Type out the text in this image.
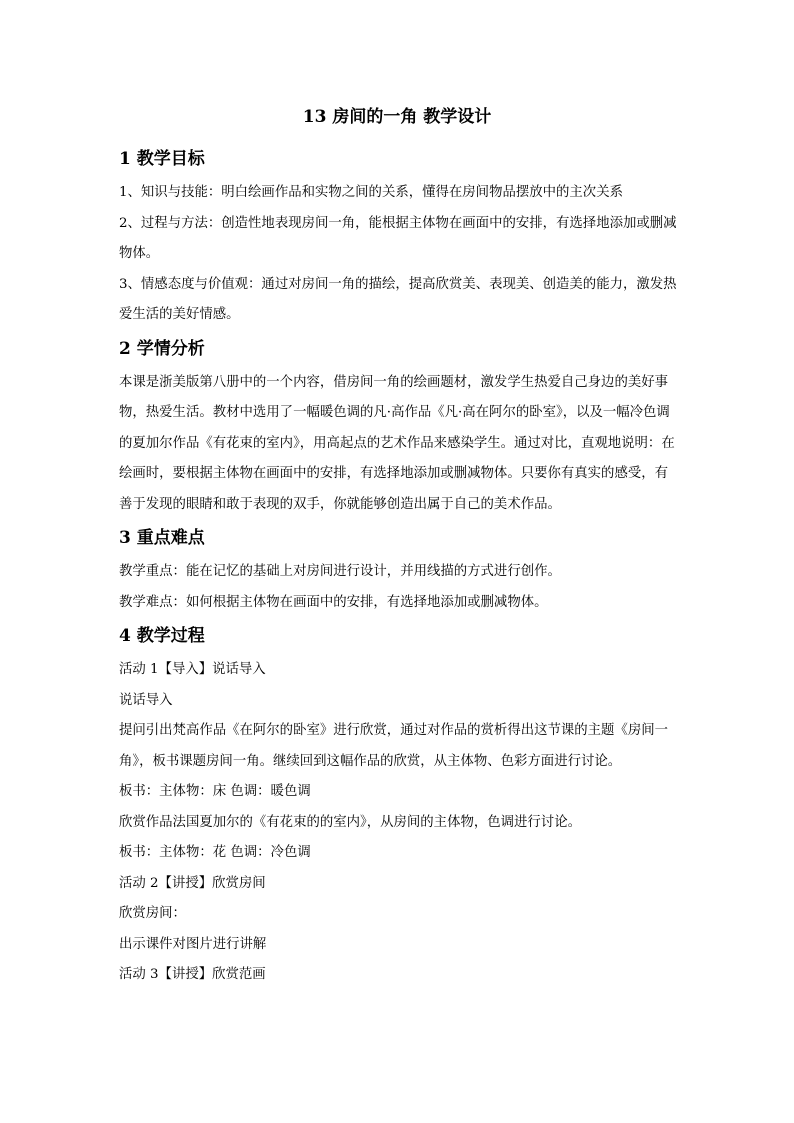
13 房间的一角 教学设计
1 教学目标

1、知识与技能：明白绘画作品和实物之间的关系，懂得在房间物品摆放中的主次关系

2、过程与方法：创造性地表现房间一角，能根据主体物在画面中的安排，有选择地添加或删减物体。

3、情感态度与价值观：通过对房间一角的描绘，提高欣赏美、表现美、创造美的能力，激发热爱生活的美好情感。

2 学情分析

本课是浙美版第八册中的一个内容，借房间一角的绘画题材，激发学生热爱自己身边的美好事物，热爱生活。教材中选用了一幅暖色调的凡·高作品《凡·高在阿尔的卧室》，以及一幅冷色调的夏加尔作品《有花束的室内》，用高起点的艺术作品来感染学生。通过对比，直观地说明：在绘画时，要根据主体物在画面中的安排，有选择地添加或删减物体。只要你有真实的感受，有善于发现的眼睛和敢于表现的双手，你就能够创造出属于自己的美术作品。

3 重点难点

教学重点：能在记忆的基础上对房间进行设计，并用线描的方式进行创作。

教学难点：如何根据主体物在画面中的安排，有选择地添加或删减物体。

4 教学过程

活动 1【导入】说话导入

说话导入

提问引出梵高作品《在阿尔的卧室》进行欣赏，通过对作品的赏析得出这节课的主题《房间一角》，板书课题房间一角。继续回到这幅作品的欣赏，从主体物、色彩方面进行讨论。

板书：主体物：床 色调：暖色调

欣赏作品法国夏加尔的《有花束的的室内》，从房间的主体物，色调进行讨论。

板书：主体物：花 色调：冷色调

活动 2【讲授】欣赏房间

欣赏房间：

出示课件对图片进行讲解

活动 3【讲授】欣赏范画
